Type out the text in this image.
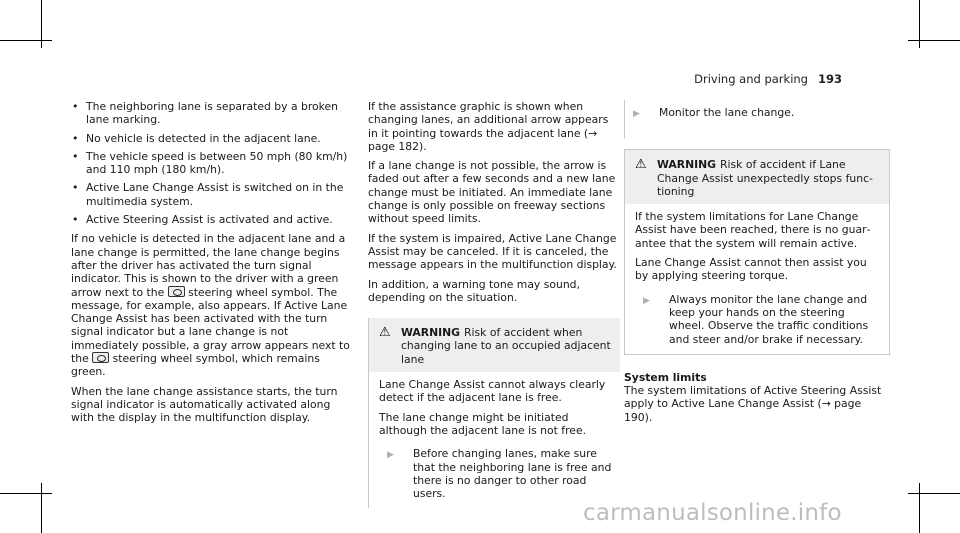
Driving and parking 193
• The neighboring lane is separated by a broken lane marking.
• No vehicle is detected in the adjacent lane.
• The vehicle speed is between 50 mph (80 km/h) and 110 mph (180 km/h).
• Active Lane Change Assist is switched on in the multimedia system.
• Active Steering Assist is activated and active.

If no vehicle is detected in the adjacent lane and a lane change is permitted, the lane change begins after the driver has activated the turn signal indicator. This is shown to the driver with a green arrow next to the steering wheel symbol. The message, for example, also appears. If Active Lane Change Assist has been activated with the turn signal indicator but a lane change is not immediately possible, a gray arrow appears next to the steering wheel symbol, which remains green.

When the lane change assistance starts, the turn signal indicator is automatically activated along with the display in the multifunction display.

If the assistance graphic is shown when changing lanes, an additional arrow appears in it pointing towards the adjacent lane (→ page 182).

If a lane change is not possible, the arrow is faded out after a few seconds and a new lane change must be initiated. An immediate lane change is only possible on freeway sections without speed limits.

If the system is impaired, Active Lane Change Assist may be canceled. If it is canceled, the message appears in the multifunction display.

In addition, a warning tone may sound, depending on the situation.

⚠ WARNING Risk of accident when changing lane to an occupied adjacent lane

Lane Change Assist cannot always clearly detect if the adjacent lane is free.

The lane change might be initiated although the adjacent lane is not free.

▶	Before changing lanes, make sure that the neighboring lane is free and there is no danger to other road users.
▶	Monitor the lane change.
⚠ WARNING Risk of accident if Lane Change Assist unexpectedly stops functioning

If the system limitations for Lane Change Assist have been reached, there is no guarantee that the system will remain active.

Lane Change Assist cannot then assist you by applying steering torque.

▶	Always monitor the lane change and keep your hands on the steering wheel. Observe the traffic conditions and steer and/or brake if necessary.

System limits

The system limitations of Active Steering Assist apply to Active Lane Change Assist (→ page 190).

carmanualsonline.info
